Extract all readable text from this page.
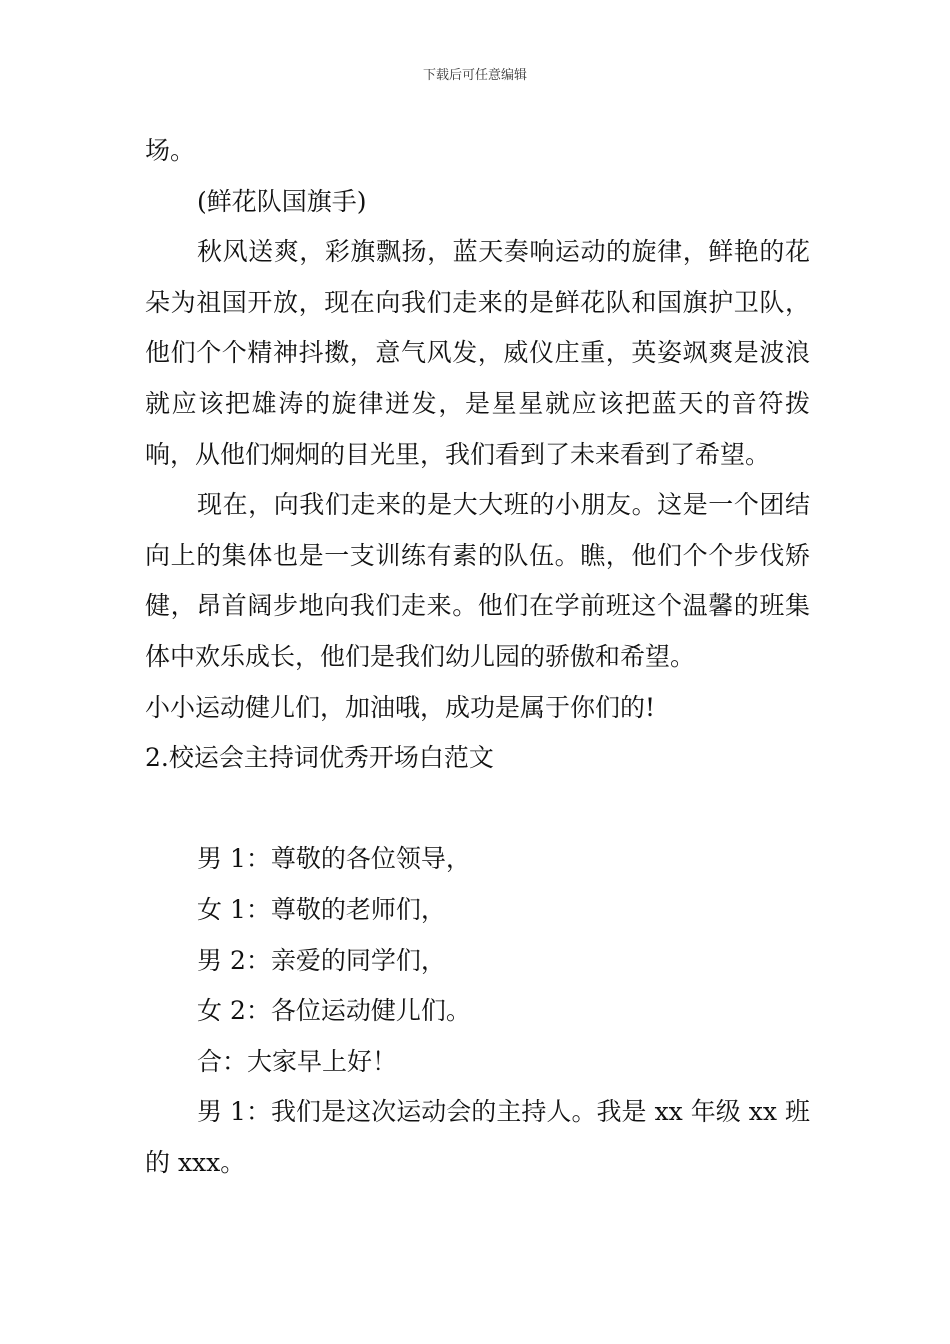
下载后可任意编辑

场。

(鲜花队国旗手)

秋风送爽，彩旗飘扬，蓝天奏响运动的旋律，鲜艳的花朵为祖国开放，现在向我们走来的是鲜花队和国旗护卫队，他们个个精神抖擞，意气风发，威仪庄重，英姿飒爽是波浪就应该把雄涛的旋律迸发，是星星就应该把蓝天的音符拨响，从他们炯炯的目光里，我们看到了未来看到了希望。

现在，向我们走来的是大大班的小朋友。这是一个团结向上的集体也是一支训练有素的队伍。瞧，他们个个步伐矫健，昂首阔步地向我们走来。他们在学前班这个温馨的班集体中欢乐成长，他们是我们幼儿园的骄傲和希望。

小小运动健儿们，加油哦，成功是属于你们的!

2.校运会主持词优秀开场白范文

男 1：尊敬的各位领导，

女 1：尊敬的老师们，

男 2：亲爱的同学们，

女 2：各位运动健儿们。

合：大家早上好！

男 1：我们是这次运动会的主持人。我是 xx 年级 xx 班的 xxx。
